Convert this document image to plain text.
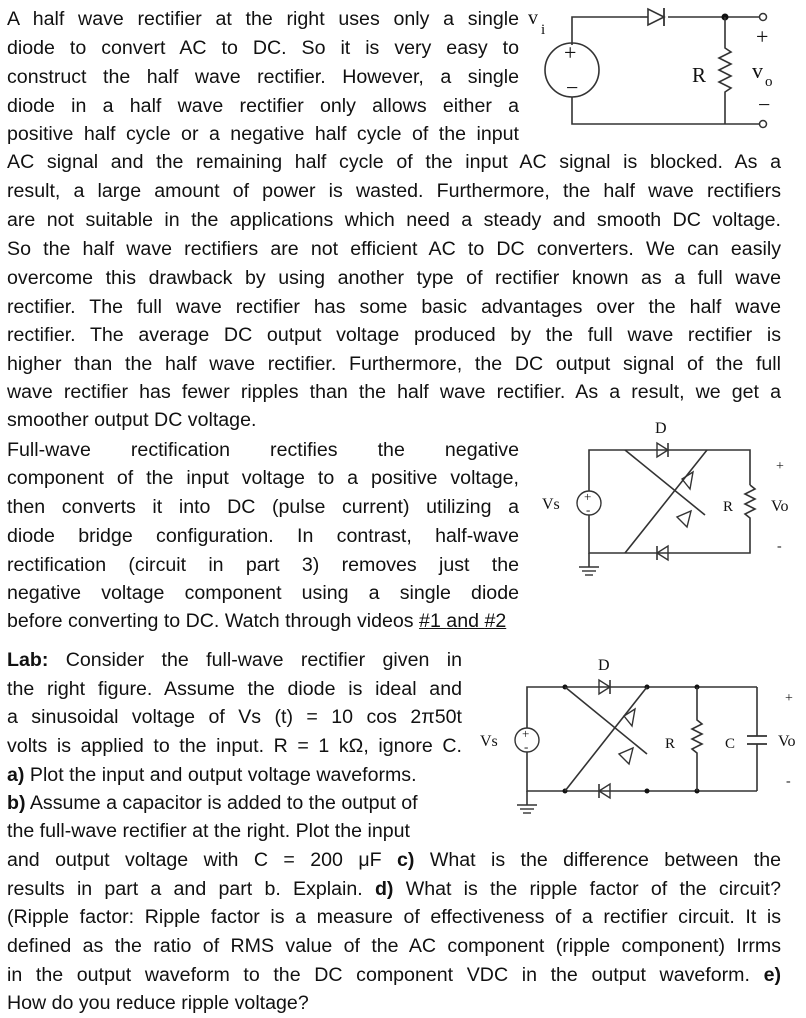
A half wave rectifier at the right uses only a single
diode to convert AC to DC. So it is very easy to
construct the half wave rectifier. However, a single
diode in a half wave rectifier only allows either a
positive half cycle or a negative half cycle of the input
AC signal and the remaining half cycle of the input AC signal is blocked. As a
result, a large amount of power is wasted. Furthermore, the half wave rectifiers
are not suitable in the applications which need a steady and smooth DC voltage.
So the half wave rectifiers are not efficient AC to DC converters. We can easily
overcome this drawback by using another type of rectifier known as a full wave
rectifier. The full wave rectifier has some basic advantages over the half wave
rectifier. The average DC output voltage produced by the full wave rectifier is
higher than the half wave rectifier. Furthermore, the DC output signal of the full
wave rectifier has fewer ripples than the half wave rectifier. As a result, we get a
smoother output DC voltage.
Full-wave rectification rectifies the negative
component of the input voltage to a positive voltage,
then converts it into DC (pulse current) utilizing a
diode bridge configuration. In contrast, half-wave
rectification (circuit in part 3) removes just the
negative voltage component using a single diode
before converting to DC. Watch through videos #1 and #2
Lab: Consider the full-wave rectifier given in
the right figure. Assume the diode is ideal and
a sinusoidal voltage of Vs (t) = 10 cos 2π50t
volts is applied to the input. R = 1 kΩ, ignore C.
a) Plot the input and output voltage waveforms.
b) Assume a capacitor is added to the output of
the full-wave rectifier at the right. Plot the input
and output voltage with C = 200 μF c) What is the difference between the
results in part a and part b. Explain. d) What is the ripple factor of the circuit?
(Ripple factor: Ripple factor is a measure of effectiveness of a rectifier circuit. It is
defined as the ratio of RMS value of the AC component (ripple component) Irrms
in the output waveform to the DC component VDC in the output waveform. e)
How do you reduce ripple voltage?
v
i
+
−	R
+
v o
−
D
Vs +
-	R
+
Vo
-
D
Vs +
-	R	C
+
Vo
-
